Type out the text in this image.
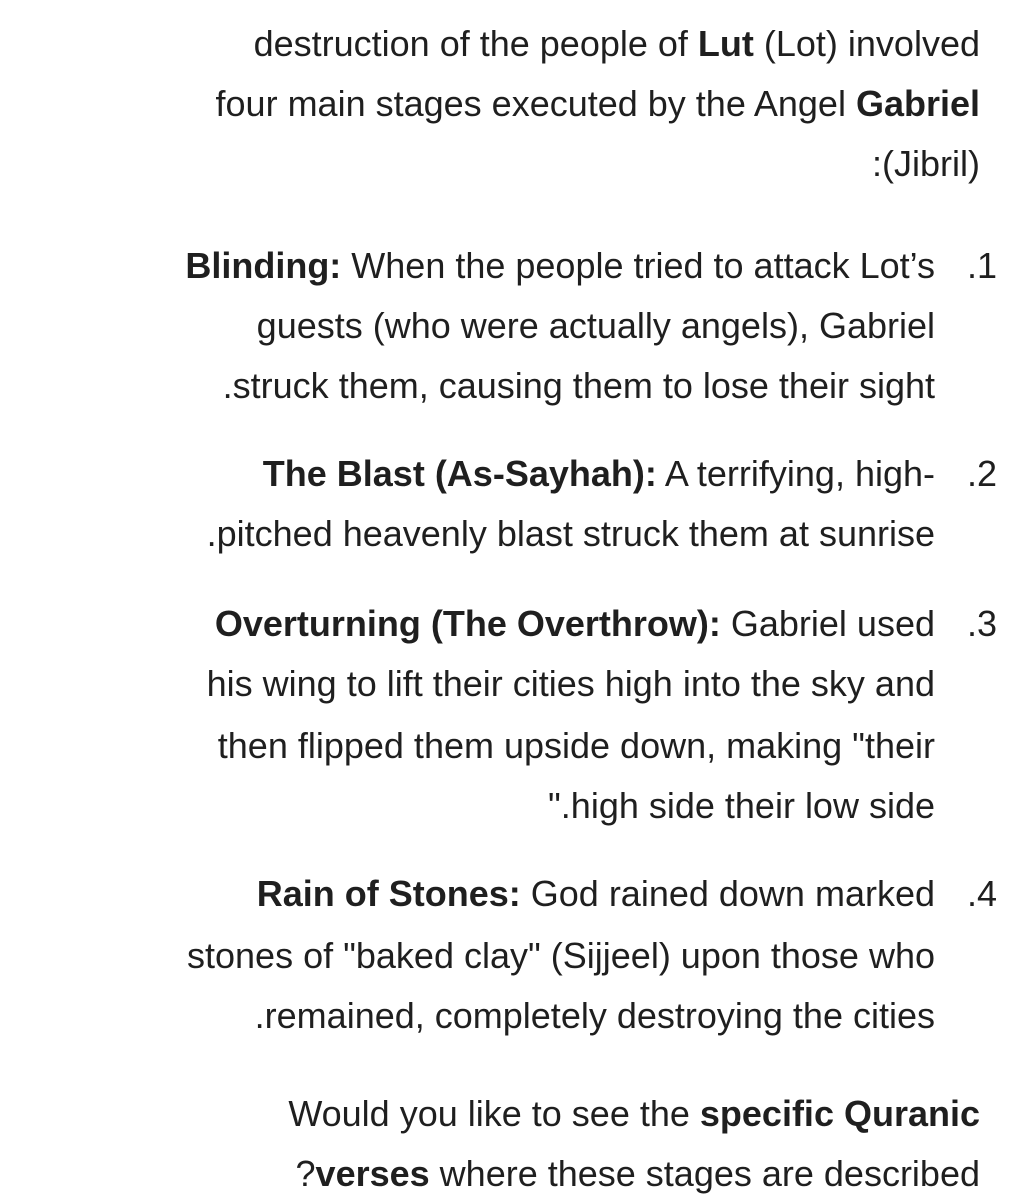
destruction of the people of Lut (Lot) involved
four main stages executed by the Angel Gabriel
:(Jibril)
.1
Blinding: When the people tried to attack Lot’s
guests (who were actually angels), Gabriel
.struck them, causing them to lose their sight
.2
The Blast (As-Sayhah): A terrifying, high-
.pitched heavenly blast struck them at sunrise
.3
Overturning (The Overthrow): Gabriel used
his wing to lift their cities high into the sky and
then flipped them upside down, making "their
".high side their low side
.4
Rain of Stones: God rained down marked
stones of "baked clay" (Sijjeel) upon those who
.remained, completely destroying the cities
Would you like to see the specific Quranic
?verses where these stages are described
